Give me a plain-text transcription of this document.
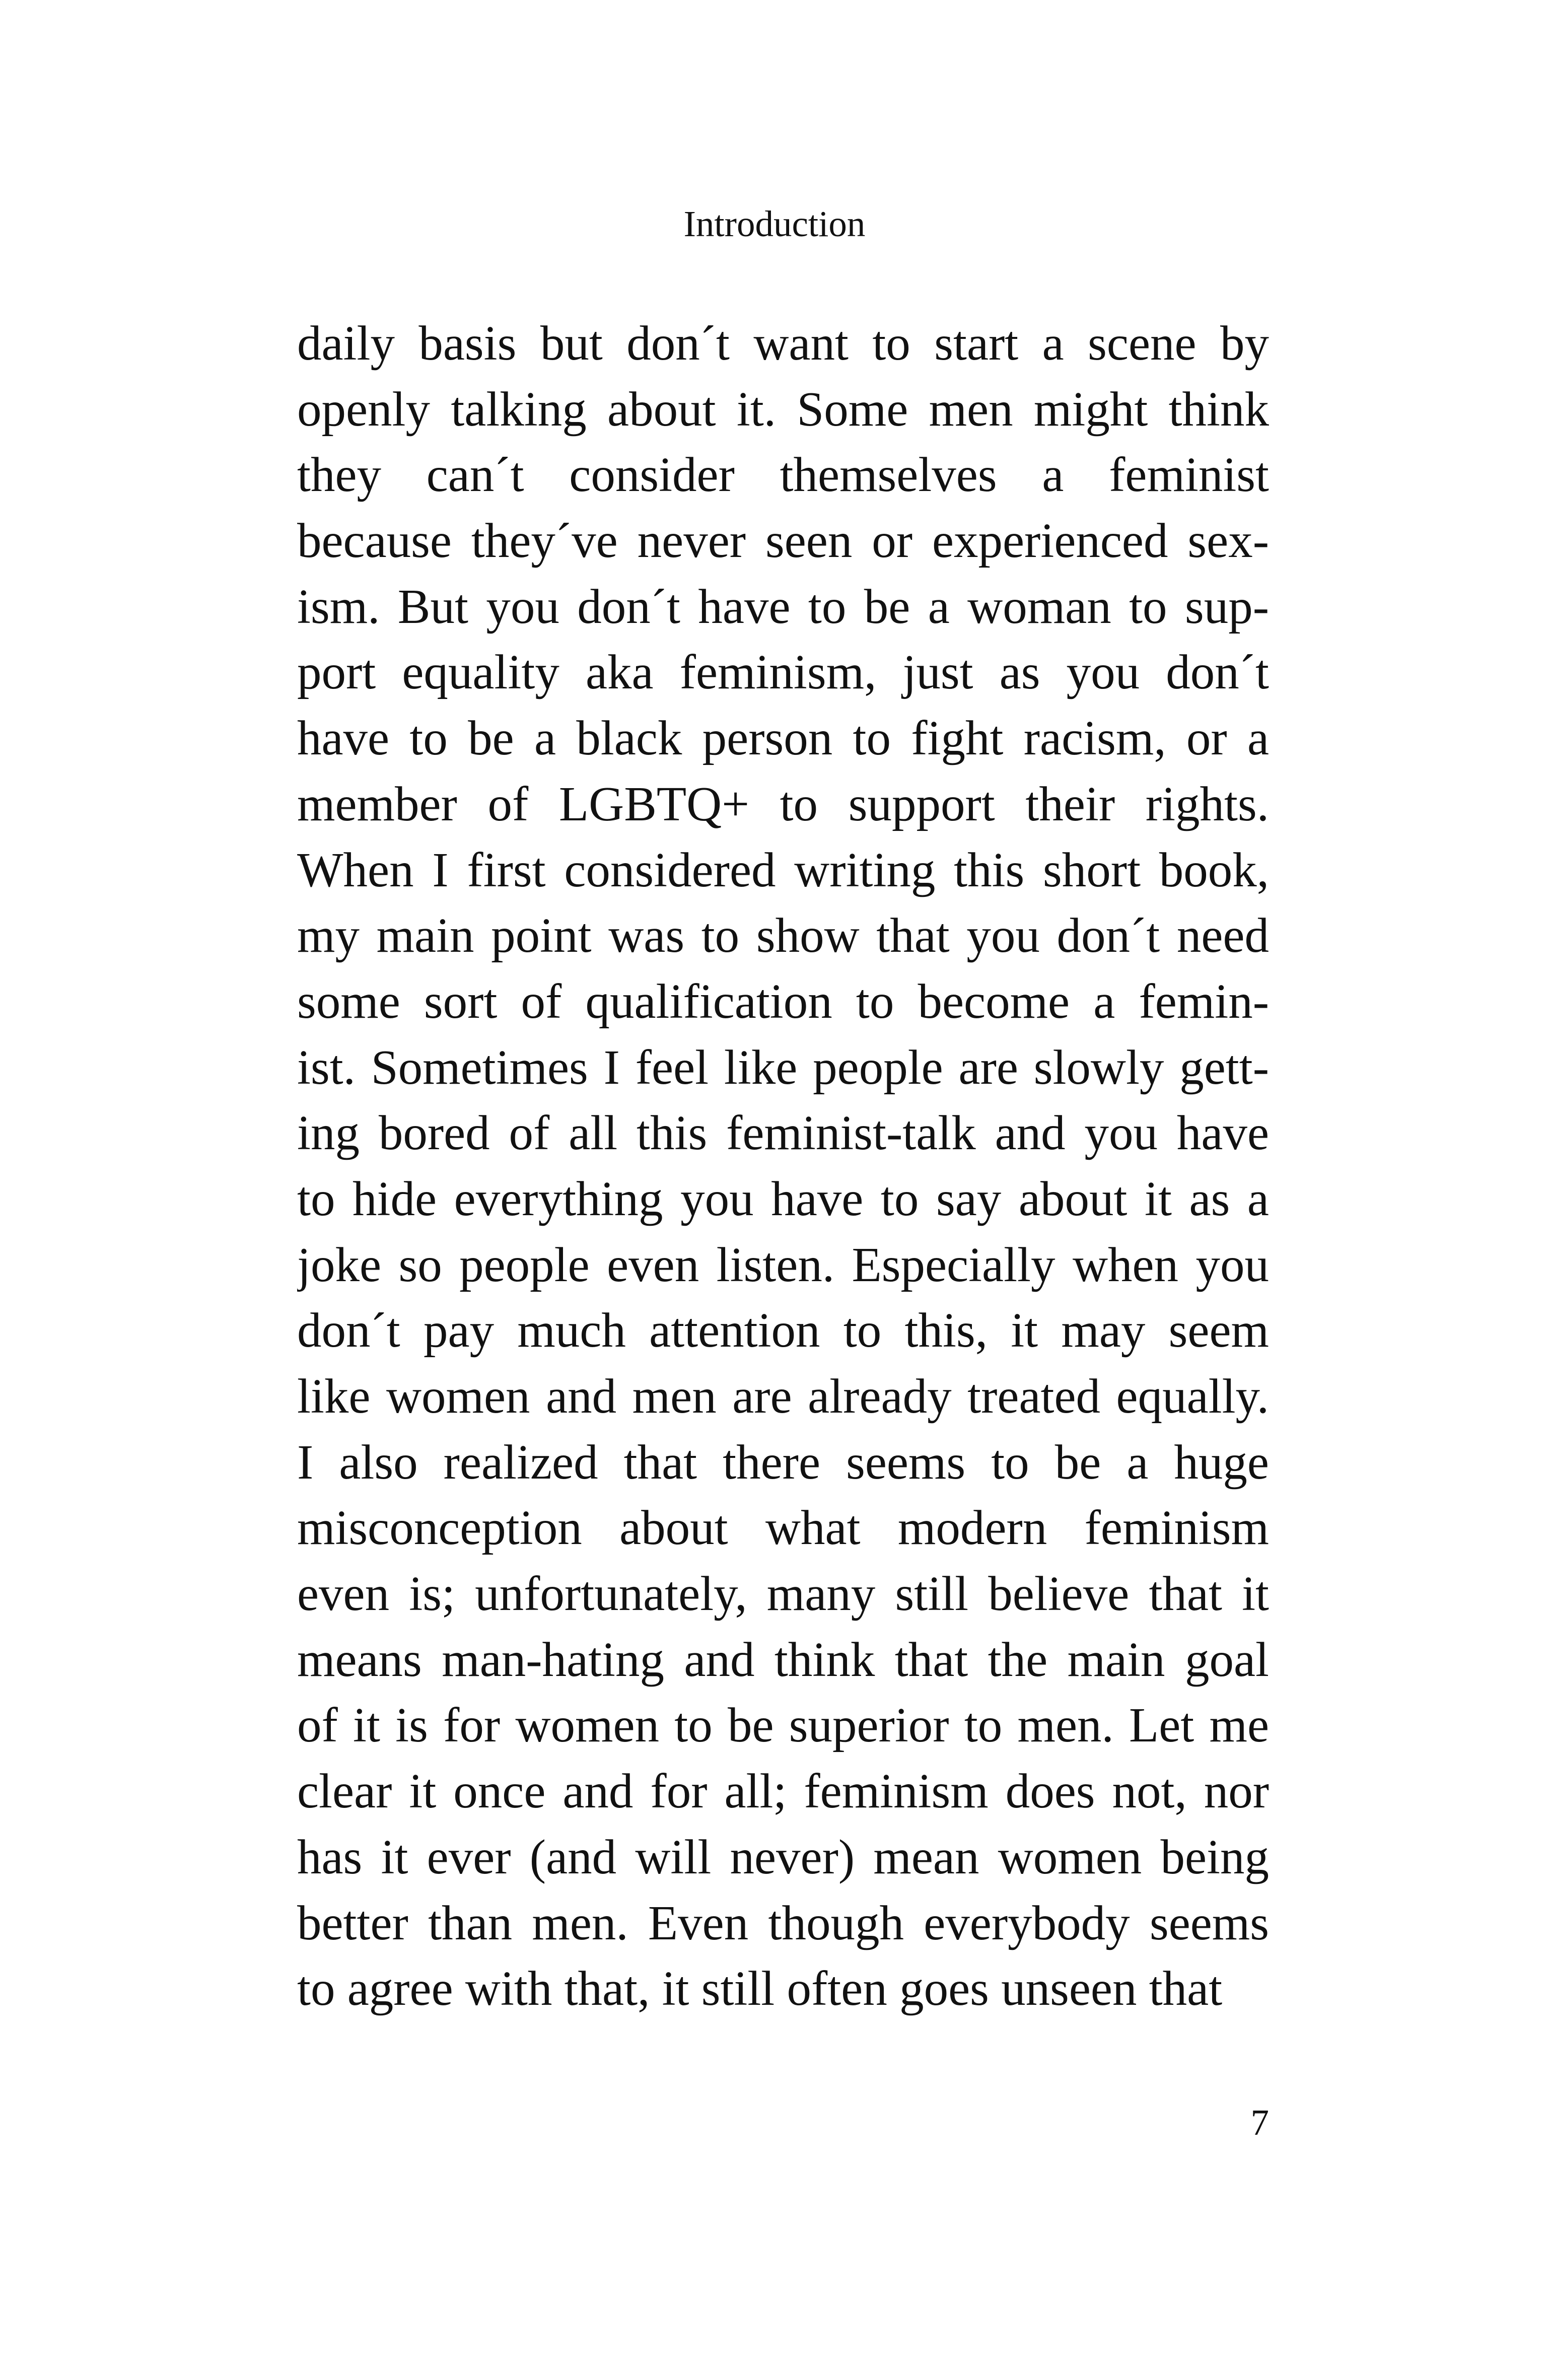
Introduction
daily basis but don´t want to start a scene by
openly talking about it. Some men might think
they can´t consider themselves a feminist
because they´ve never seen or experienced sex-
ism. But you don´t have to be a woman to sup-
port equality aka feminism, just as you don´t
have to be a black person to fight racism, or a
member of LGBTQ+ to support their rights.
When I first considered writing this short book,
my main point was to show that you don´t need
some sort of qualification to become a femin-
ist. Sometimes I feel like people are slowly gett-
ing bored of all this feminist-talk and you have
to hide everything you have to say about it as a
joke so people even listen. Especially when you
don´t pay much attention to this, it may seem
like women and men are already treated equally.
I also realized that there seems to be a huge
misconception about what modern feminism
even is; unfortunately, many still believe that it
means man-hating and think that the main goal
of it is for women to be superior to men. Let me
clear it once and for all; feminism does not, nor
has it ever (and will never) mean women being
better than men. Even though everybody seems
to agree with that, it still often goes unseen that
7
